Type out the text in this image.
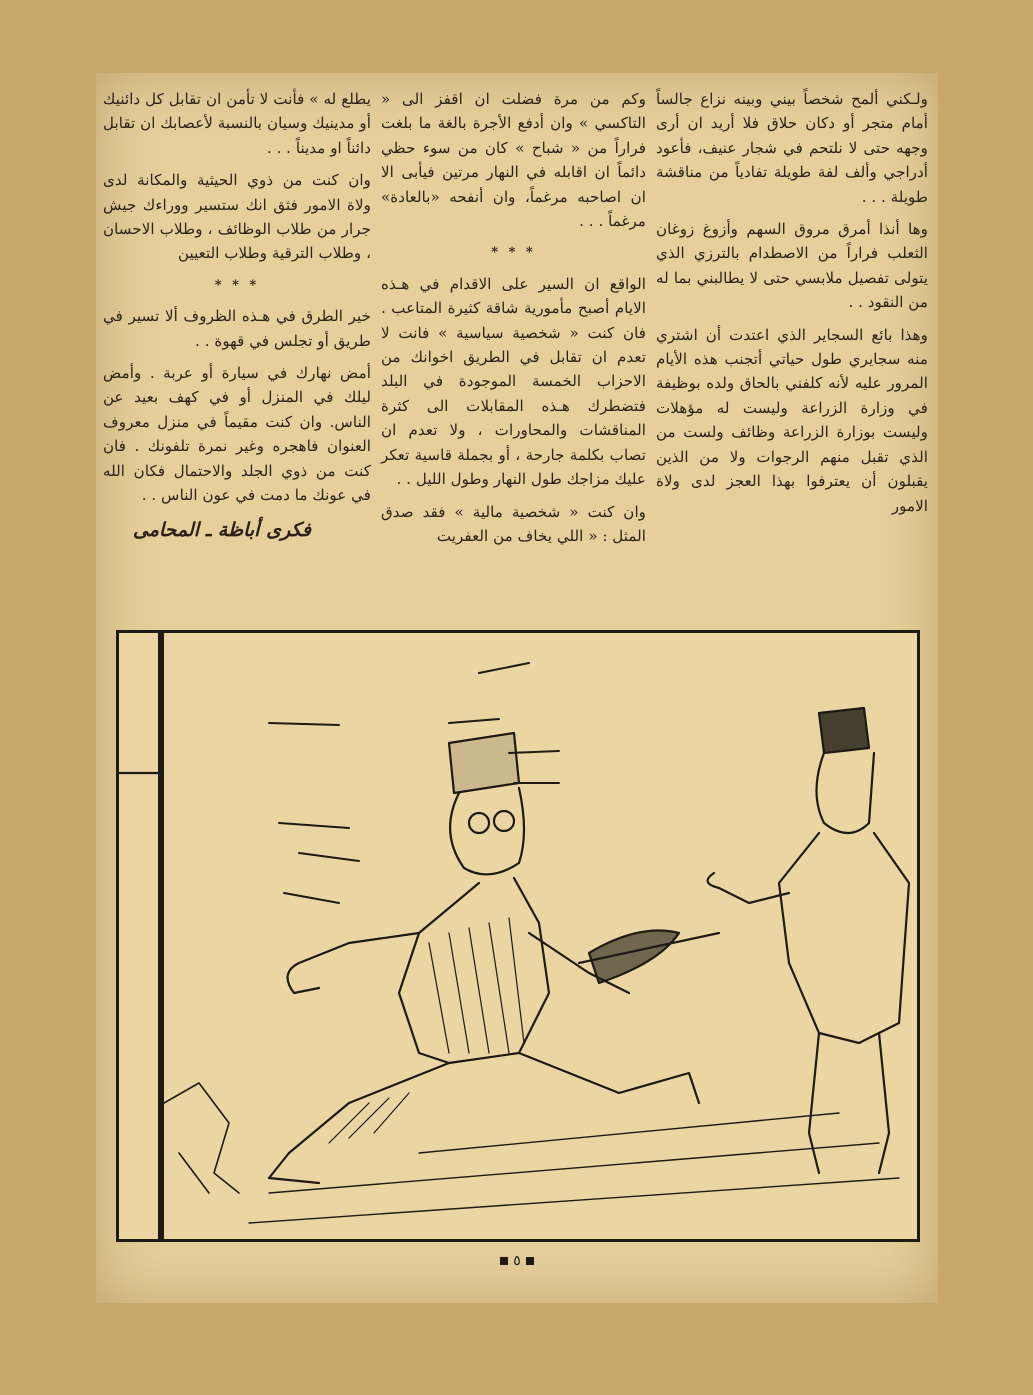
ولـكني ألمح شخصاً بيني وبينه نزاع جالساً أمام متجر أو دكان حلاق فلا أريد ان أرى وجهه حتى لا نلتحم في شجار عنيف، فأعود أدراجي وألف لفة طويلة تفادياً من مناقشة طويلة . . .

وها أنذا أمرق مروق السهم وأزوغ زوغان الثعلب فراراً من الاصطدام بالترزي الذي يتولى تفصيل ملابسي حتى لا يطالبني بما له من النقود . .

وهذا بائع السجاير الذي اعتدت أن اشتري منه سجايري طول حياتي أتجنب هذه الأيام المرور عليه لأنه كلفني بالحاق ولده بوظيفة في وزارة الزراعة وليست له مؤهلات وليست بوزارة الزراعة وظائف ولست من الذي تقبل منهم الرجوات ولا من الذين يقبلون أن يعترفوا بهذا العجز لدى ولاة الامور

وكم من مرة فضلت ان اقفز الى « التاكسي » وان أدفع الأجرة بالغة ما بلغت فراراً من « شباح » كان من سوء حظي دائماً ان اقابله في النهار مرتين فيأبى الا ان اصاحبه مرغماً، وان أنفحه «بالعادة» مرغماً . . .

* * *

الواقع ان السير على الاقدام في هـذه الايام أصبح مأمورية شاقة كثيرة المتاعب . فان كنت « شخصية سياسية » فانت لا تعدم ان تقابل في الطريق اخوانك من الاحزاب الخمسة الموجودة في البلد فتضطرك هـذه المقابلات الى كثرة المناقشات والمحاورات ، ولا تعدم ان تصاب بكلمة جارحة ، أو بجملة قاسية تعكر عليك مزاجك طول النهار وطول الليل . .

وان كنت « شخصية مالية » فقد صدق المثل : « اللي يخاف من العفريت

يطلع له » فأنت لا تأمن ان تقابل كل دائنيك أو مدينيك وسيان بالنسبة لأعصابك ان تقابل دائناً او مديناً . . .

وان كنت من ذوي الحيثية والمكانة لدى ولاة الامور فثق انك ستسير ووراءك جيش جرار من طلاب الوظائف ، وطلاب الاحسان ، وطلاب الترقية وطلاب التعيين

* * *

خير الطرق في هـذه الظروف ألا تسير في طريق أو تجلس في قهوة . .

أمض نهارك في سيارة أو عربة . وأمض ليلك في المنزل أو في كهف بعيد عن الناس. وان كنت مقيماً في منزل معروف العنوان فاهجره وغير نمرة تلفونك . فان كنت من ذوي الجلد والاحتمال فكان الله في عونك ما دمت في عون الناس . .

فكرى أباظة ـ المحامى
٥
